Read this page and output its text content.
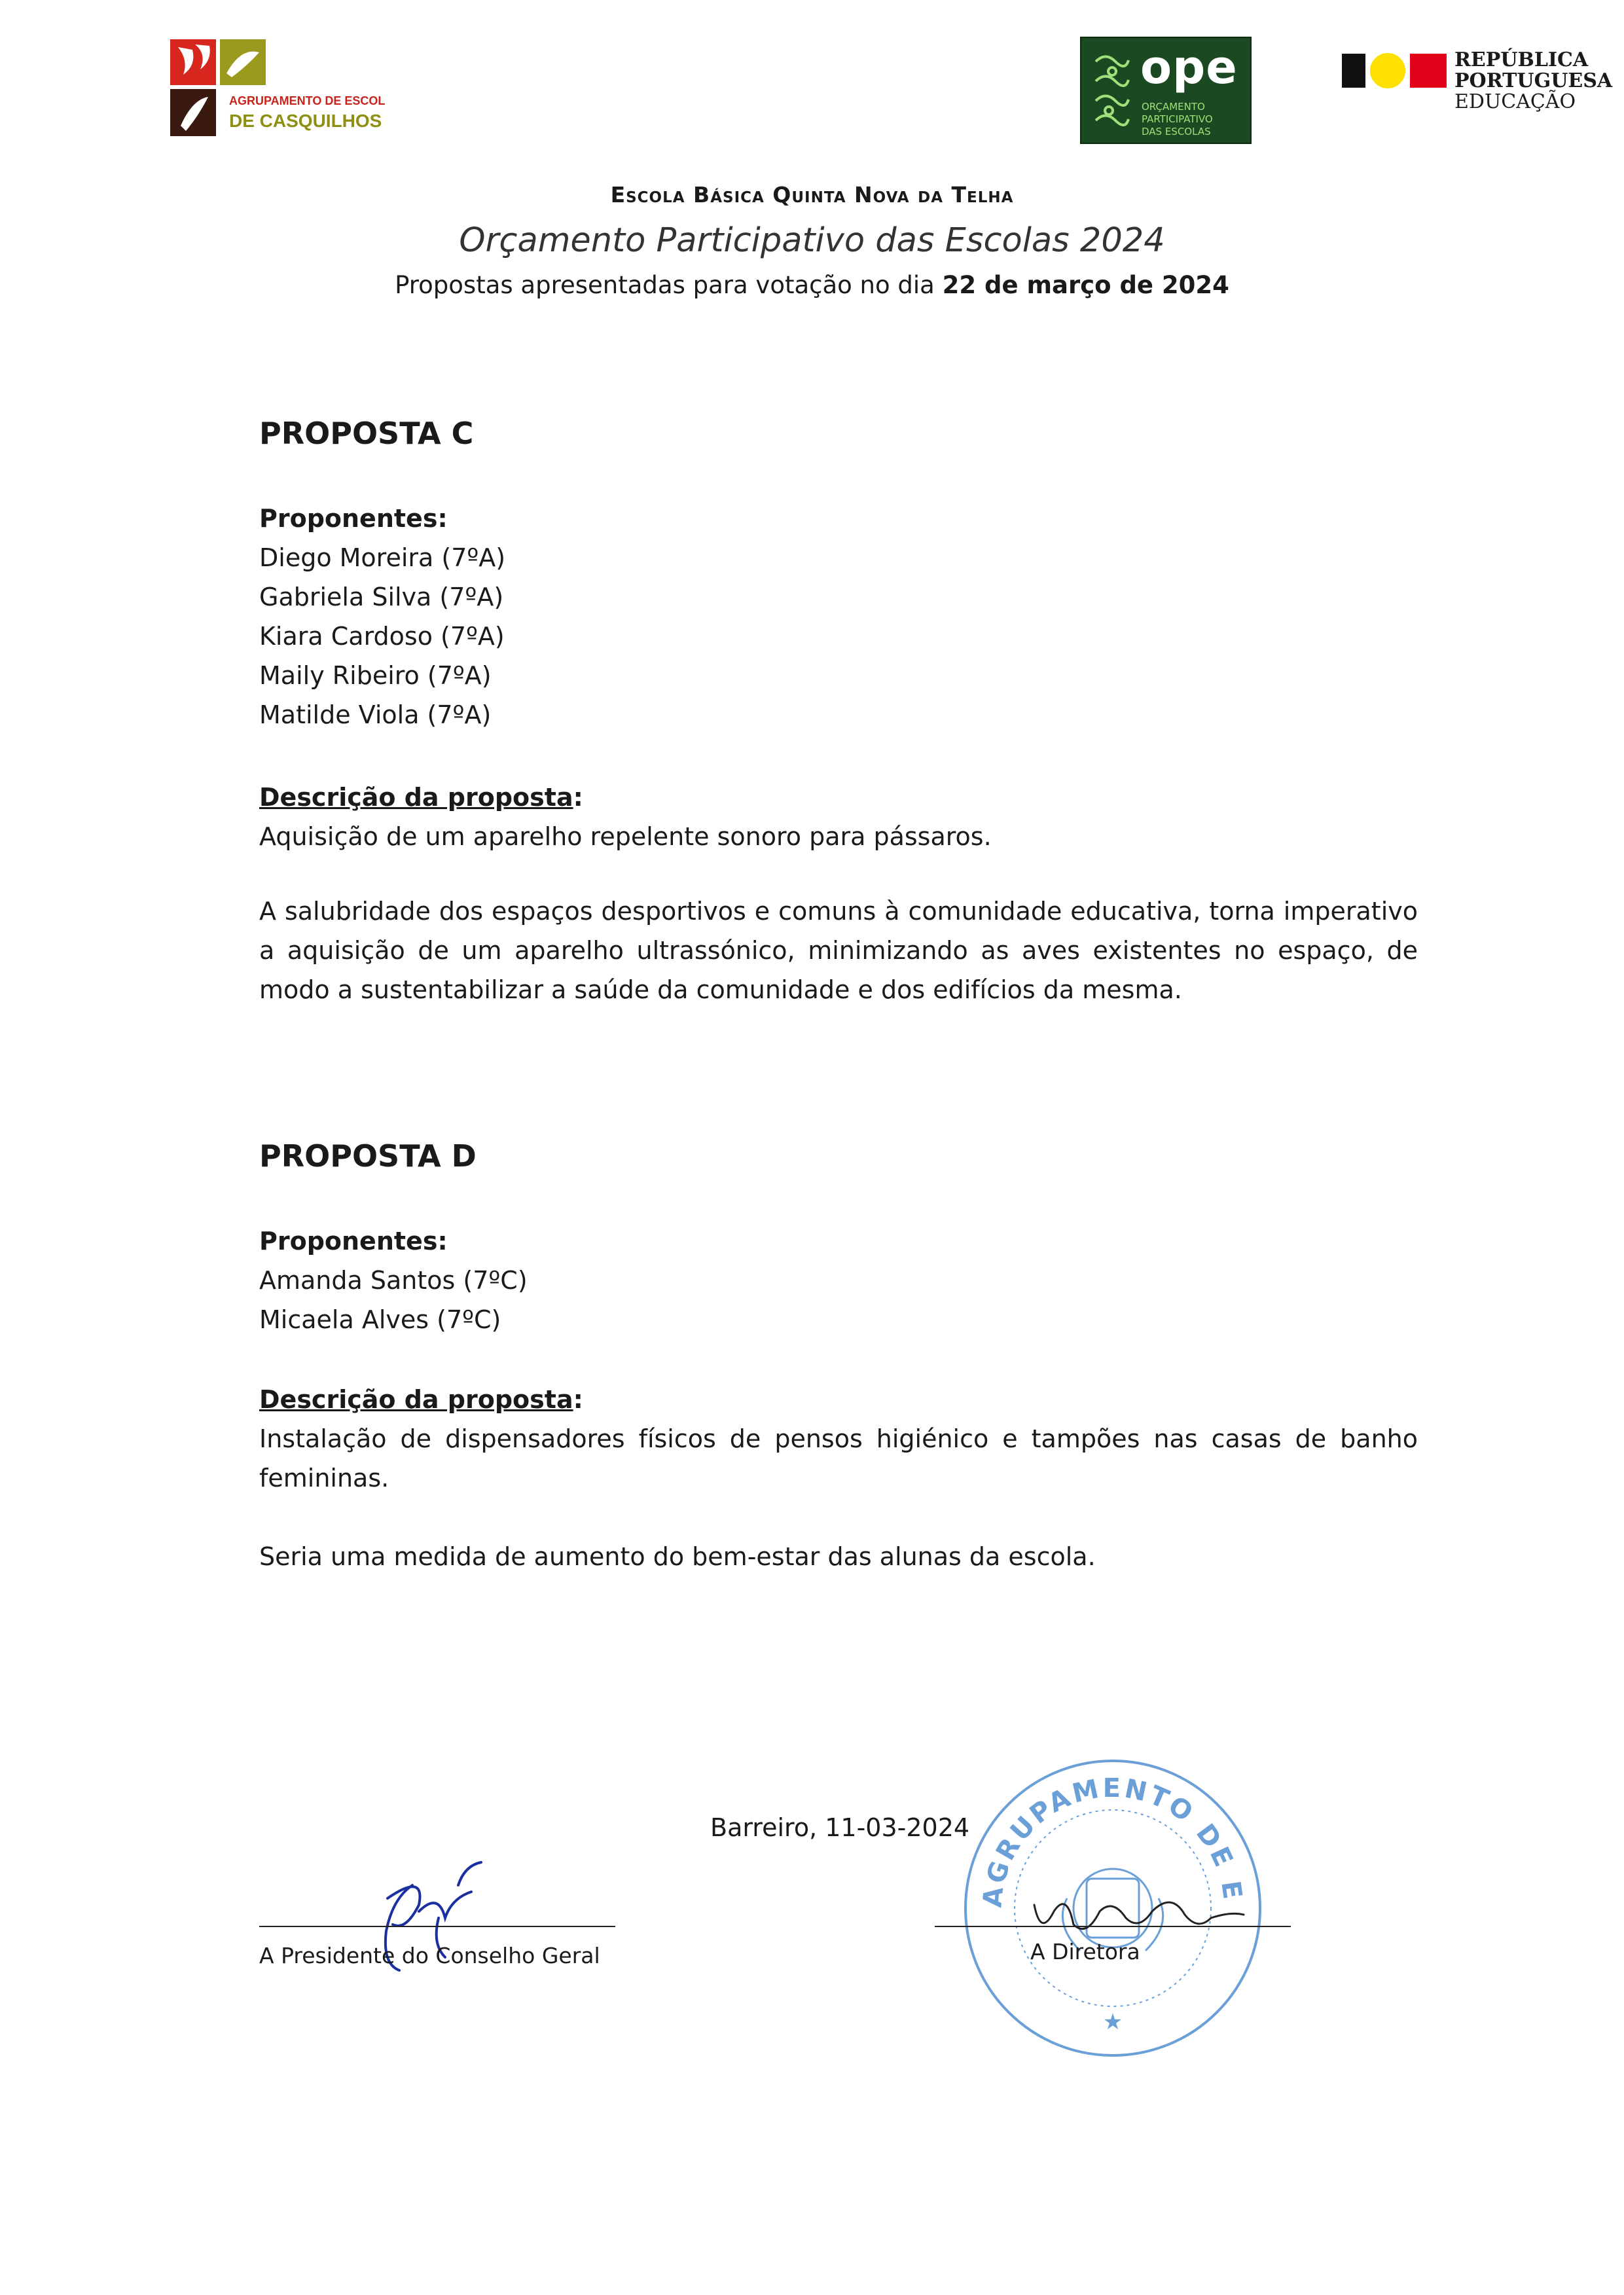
AGRUPAMENTO DE ESCOLAS
DE CASQUILHOS
ope
ORÇAMENTO
PARTICIPATIVO
DAS ESCOLAS
REPÚBLICA
PORTUGUESA
EDUCAÇÃO
Escola Básica Quinta Nova da Telha
Orçamento Participativo das Escolas 2024
Propostas apresentadas para votação no dia 22 de março de 2024
PROPOSTA C
Proponentes:
Diego Moreira (7ºA)
Gabriela Silva (7ºA)
Kiara Cardoso (7ºA)
Maily Ribeiro (7ºA)
Matilde Viola (7ºA)
Descrição da proposta:
Aquisição de um aparelho repelente sonoro para pássaros.
A salubridade dos espaços desportivos e comuns à comunidade educativa, torna imperativo a aquisição de um aparelho ultrassónico, minimizando as aves existentes no espaço, de modo a sustentabilizar a saúde da comunidade e dos edifícios da mesma.
PROPOSTA D
Proponentes:
Amanda Santos (7ºC)
Micaela Alves (7ºC)
Descrição da proposta:
Instalação de dispensadores físicos de pensos higiénico e tampões nas casas de banho femininas.
Seria uma medida de aumento do bem-estar das alunas da escola.
Barreiro, 11-03-2024
AGRUPAMENTO DE E
★
A Presidente do Conselho Geral	A Diretora
